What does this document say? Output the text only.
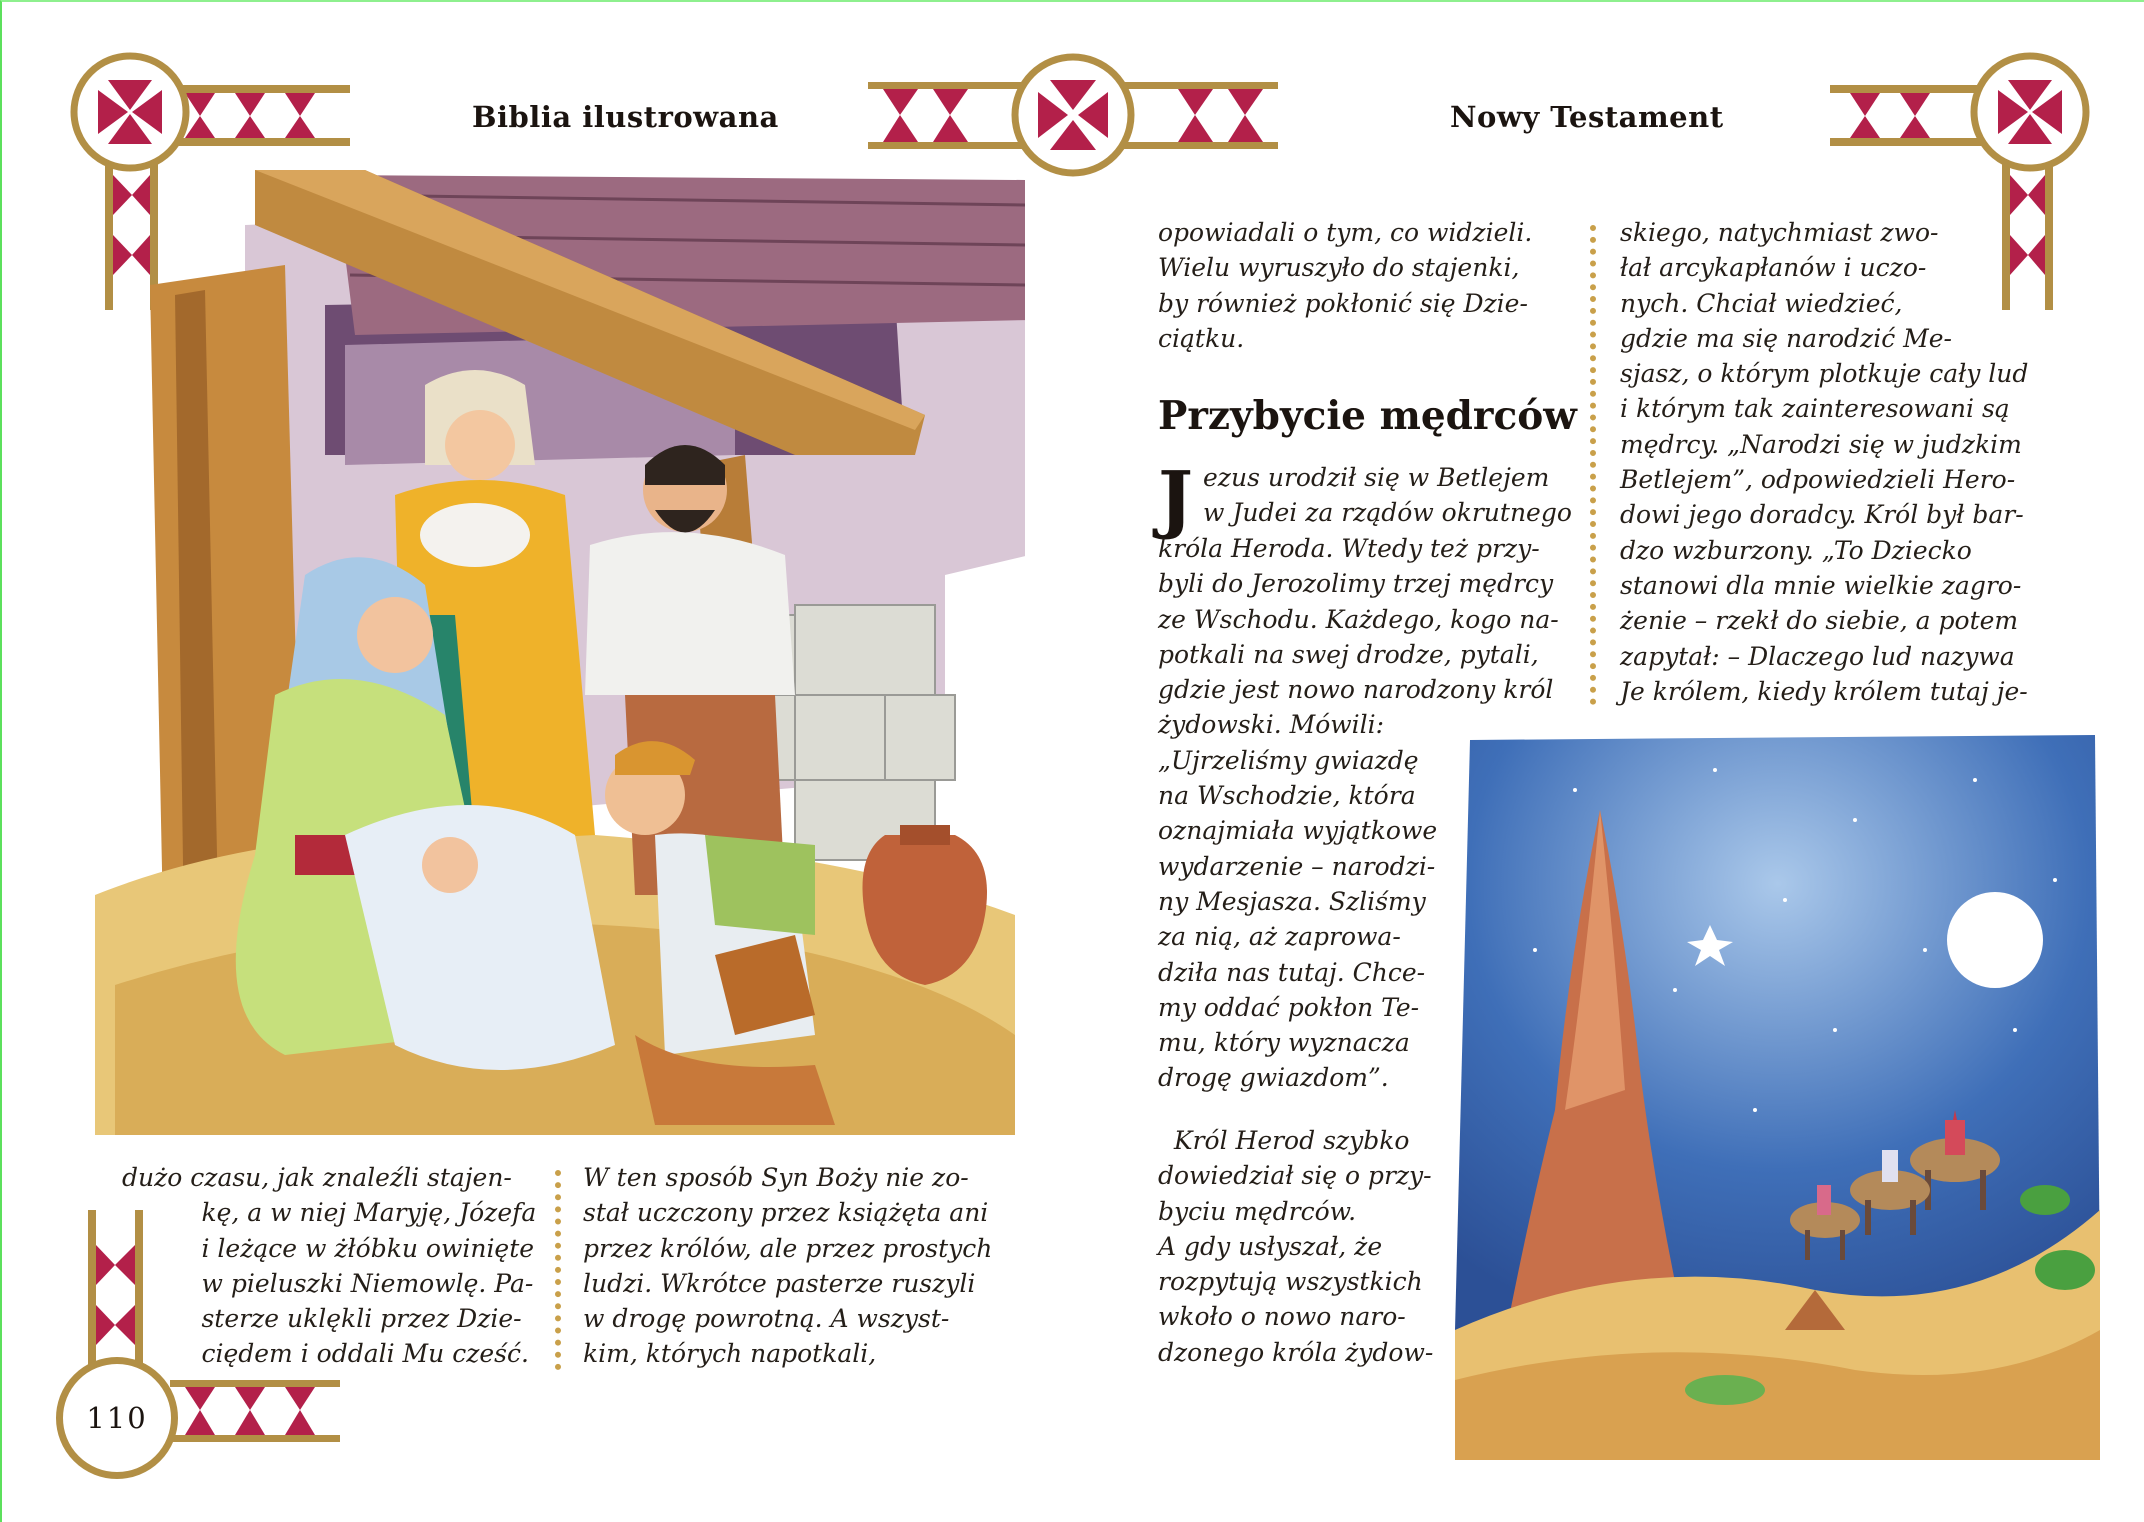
110
Biblia ilustrowana	Nowy Testament
dużo czasu, jak znaleźli stajen-
kę, a w niej Maryję, Józefa
i leżące w żłóbku owinięte
w pieluszki Niemowlę. Pa-
sterze uklękli przez Dzie-
ciędem i oddali Mu cześć.
W ten sposób Syn Boży nie zo-
stał uczczony przez książęta ani
przez królów, ale przez prostych
ludzi. Wkrótce pasterze ruszyli
w drogę powrotną. A wszyst-
kim, których napotkali,
opowiadali o tym, co widzieli.
Wielu wyruszyło do stajenki,
by również pokłonić się Dzie-
ciątku.
Przybycie mędrców
J ezus urodził się w Betlejem
w Judei za rządów okrutnego
króla Heroda. Wtedy też przy-
byli do Jerozolimy trzej mędrcy
ze Wschodu. Każdego, kogo na-
potkali na swej drodze, pytali,
gdzie jest nowo narodzony król
żydowski. Mówili:
„Ujrzeliśmy gwiazdę
na Wschodzie, która
oznajmiała wyjątkowe
wydarzenie – narodzi-
ny Mesjasza. Szliśmy
za nią, aż zaprowa-
dziła nas tutaj. Chce-
my oddać pokłon Te-
mu, który wyznacza
drogę gwiazdom”.
Król Herod szybko
dowiedział się o przy-
byciu mędrców.
A gdy usłyszał, że
rozpytują wszystkich
wkoło o nowo naro-
dzonego króla żydow-
skiego, natychmiast zwo-
łał arcykapłanów i uczo-
nych. Chciał wiedzieć,
gdzie ma się narodzić Me-
sjasz, o którym plotkuje cały lud
i którym tak zainteresowani są
mędrcy. „Narodzi się w judzkim
Betlejem”, odpowiedzieli Hero-
dowi jego doradcy. Król był bar-
dzo wzburzony. „To Dziecko
stanowi dla mnie wielkie zagro-
żenie – rzekł do siebie, a potem
zapytał: – Dlaczego lud nazywa
Je królem, kiedy królem tutaj je-
